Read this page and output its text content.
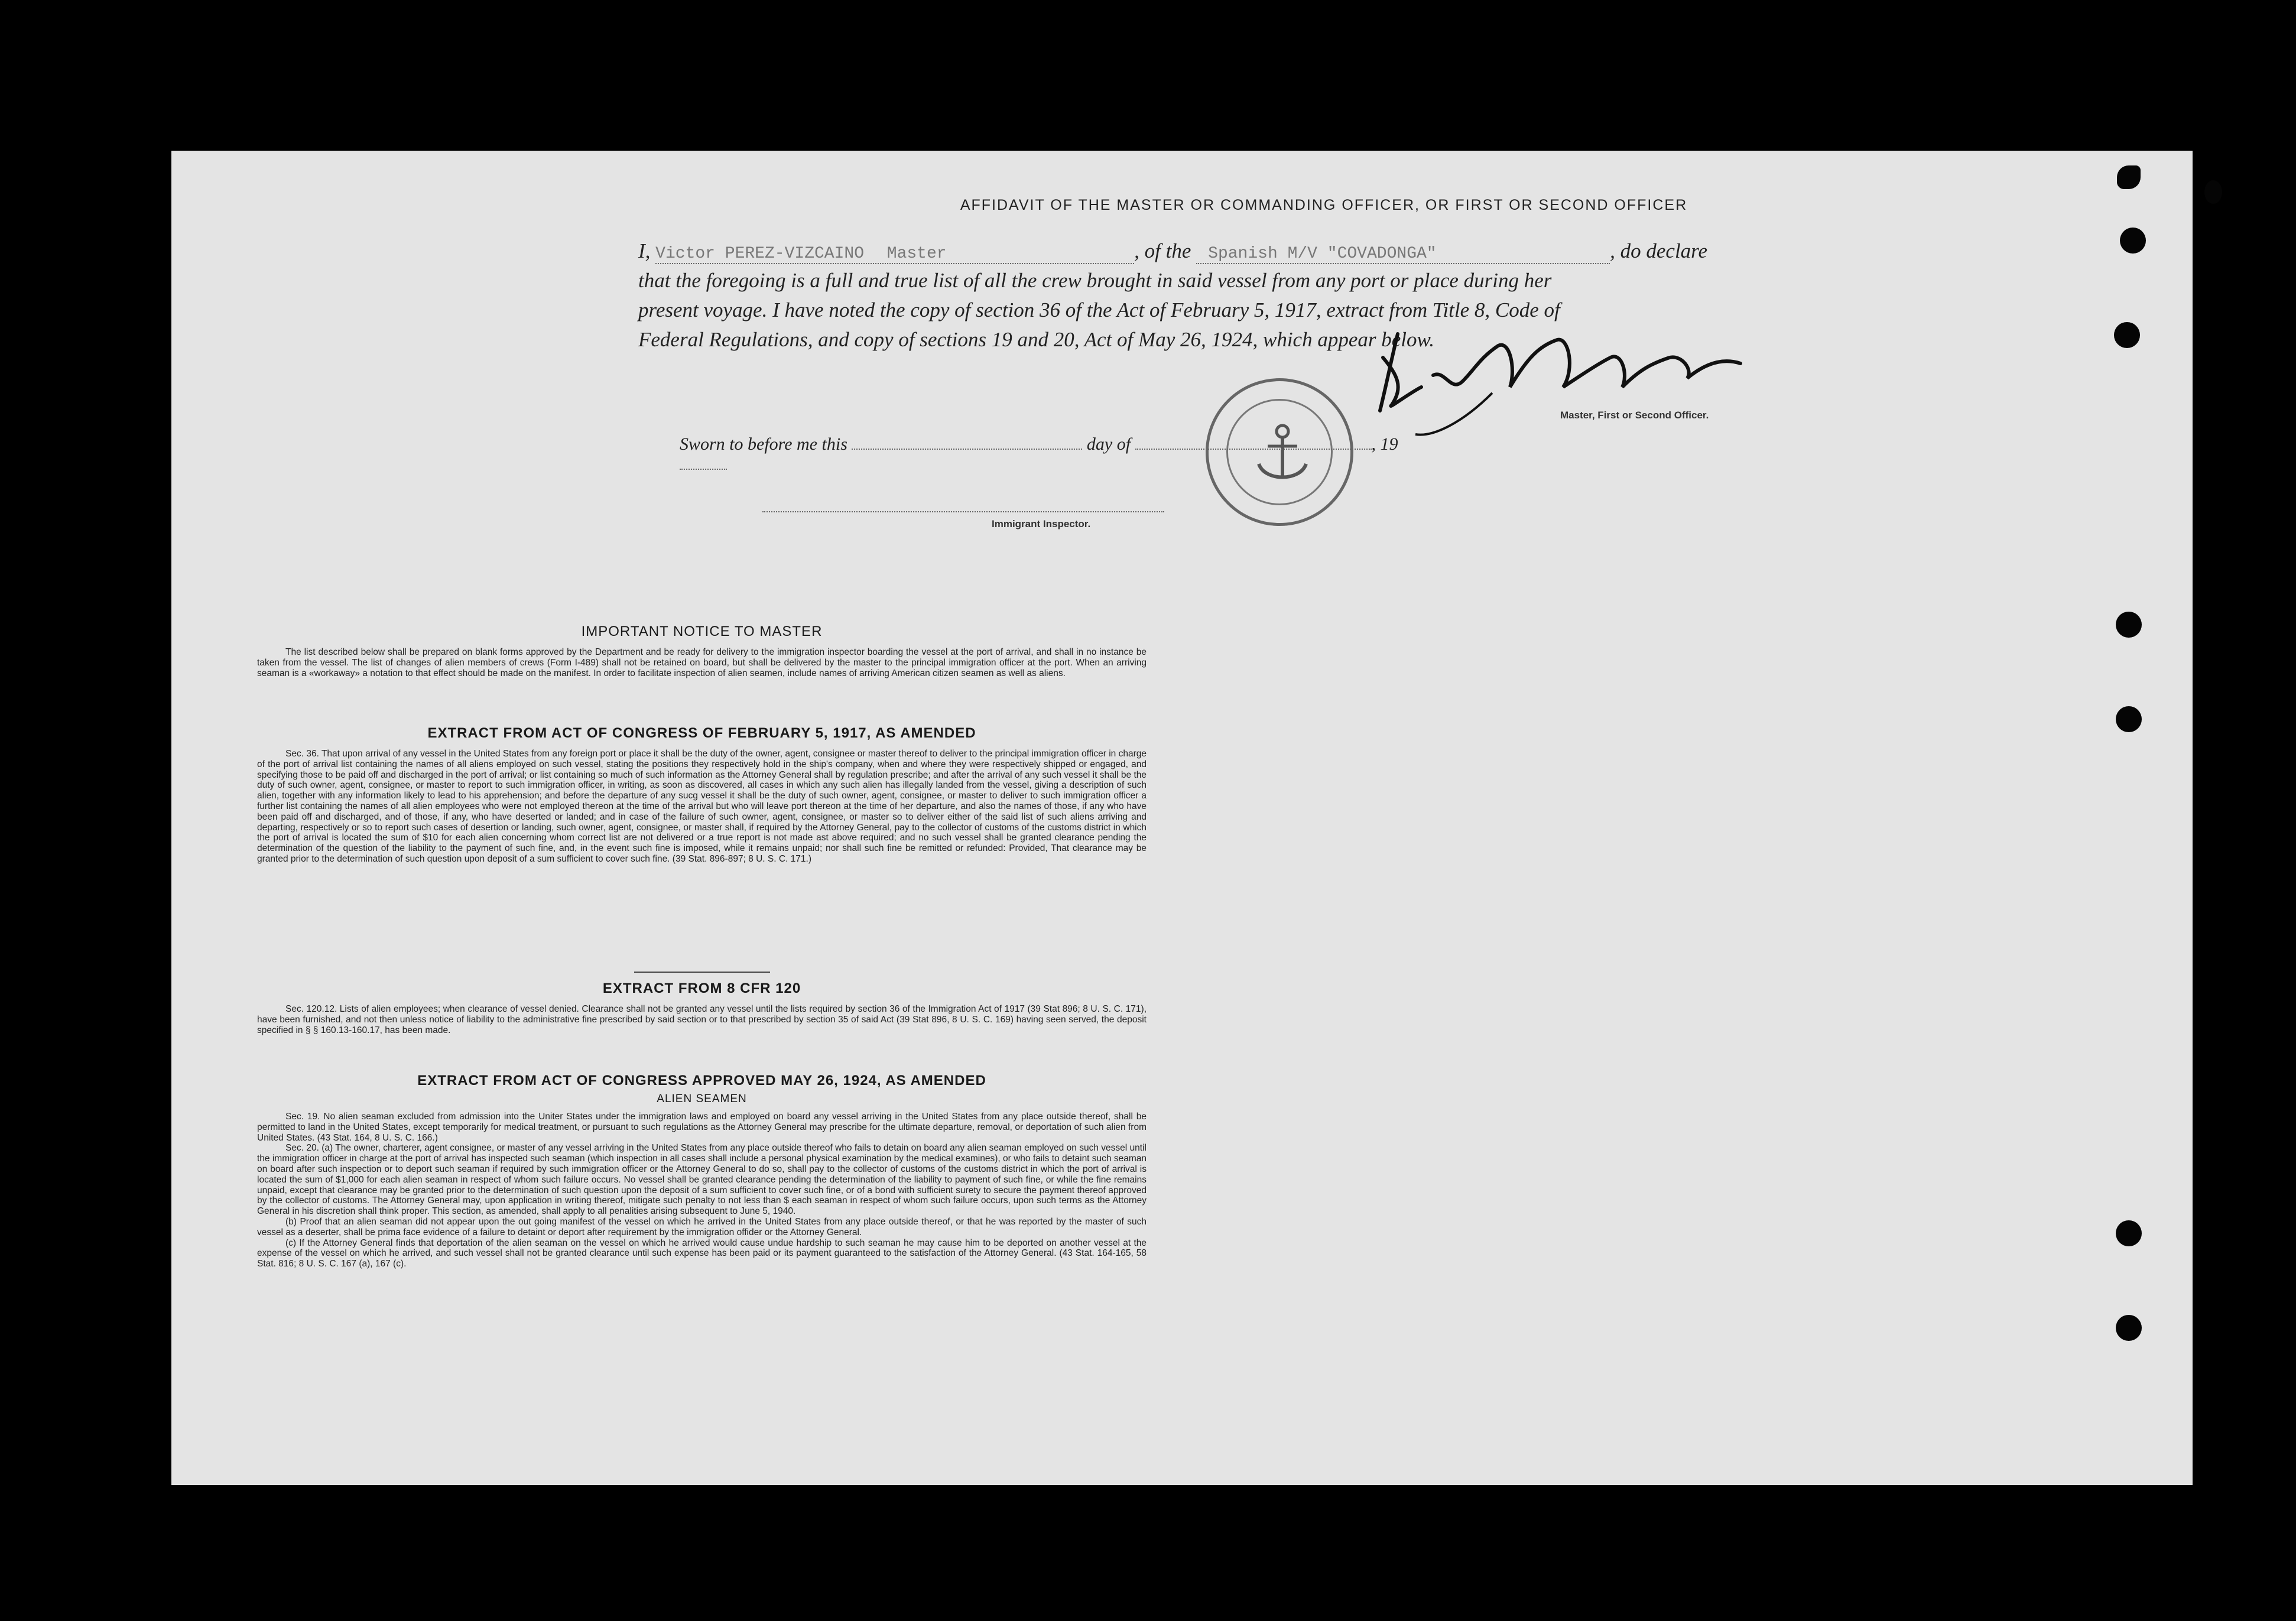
AFFIDAVIT OF THE MASTER OR COMMANDING OFFICER, OR FIRST OR SECOND OFFICER
I, Victor PEREZ-VIZCAINO Master	, of the Spanish M/V "COVADONGA"	, do declare
that the foregoing is a full and true list of all the crew brought in said vessel from any port or place during her
present voyage. I have noted the copy of section 36 of the Act of February 5, 1917, extract from Title 8, Code of
Federal Regulations, and copy of sections 19 and 20, Act of May 26, 1924, which appear below.
Master, First or Second Officer.
Sworn to before me this	day of	, 19
Immigrant Inspector.
IMPORTANT NOTICE TO MASTER

The list described below shall be prepared on blank forms approved by the Department and be ready for delivery to the immigration inspector boarding the vessel at the port of arrival, and shall in no instance be taken from the vessel. The list of changes of alien members of crews (Form I-489) shall not be retained on board, but shall be delivered by the master to the principal immigration officer at the port. When an arriving seaman is a «workaway» a notation to that effect should be made on the manifest. In order to facilitate inspection of alien seamen, include names of arriving American citizen seamen as well as aliens.

EXTRACT FROM ACT OF CONGRESS OF FEBRUARY 5, 1917, AS AMENDED

Sec. 36. That upon arrival of any vessel in the United States from any foreign port or place it shall be the duty of the owner, agent, consignee or master thereof to deliver to the principal immigration officer in charge of the port of arrival list containing the names of all aliens employed on such vessel, stating the positions they respectively hold in the ship's company, when and where they were respectively shipped or engaged, and specifying those to be paid off and discharged in the port of arrival; or list containing so much of such information as the Attorney General shall by regulation prescribe; and after the arrival of any such vessel it shall be the duty of such owner, agent, consignee, or master to report to such immigration officer, in writing, as soon as discovered, all cases in which any such alien has illegally landed from the vessel, giving a description of such alien, together with any information likely to lead to his apprehension; and before the departure of any sucg vessel it shall be the duty of such owner, agent, consignee, or master to deliver to such immigration officer a further list containing the names of all alien employees who were not employed thereon at the time of the arrival but who will leave port thereon at the time of her departure, and also the names of those, if any who have been paid off and discharged, and of those, if any, who have deserted or landed; and in case of the failure of such owner, agent, consignee, or master so to deliver either of the said list of such aliens arriving and departing, respectively or so to report such cases of desertion or landing, such owner, agent, consignee, or master shall, if required by the Attorney General, pay to the collector of customs of the customs district in which the port of arrival is located the sum of $10 for each alien concerning whom correct list are not delivered or a true report is not made ast above required; and no such vessel shall be granted clearance pending the determination of the question of the liability to the payment of such fine, and, in the event such fine is imposed, while it remains unpaid; nor shall such fine be remitted or refunded: Provided, That clearance may be granted prior to the determination of such question upon deposit of a sum sufficient to cover such fine. (39 Stat. 896-897; 8 U. S. C. 171.)

EXTRACT FROM 8 CFR 120

Sec. 120.12. Lists of alien employees; when clearance of vessel denied. Clearance shall not be granted any vessel until the lists required by section 36 of the Immigration Act of 1917 (39 Stat 896; 8 U. S. C. 171), have been furnished, and not then unless notice of liability to the administrative fine prescribed by said section or to that prescribed by section 35 of said Act (39 Stat 896, 8 U. S. C. 169) having seen served, the deposit specified in § § 160.13-160.17, has been made.

EXTRACT FROM ACT OF CONGRESS APPROVED MAY 26, 1924, AS AMENDED
ALIEN SEAMEN

Sec. 19. No alien seaman excluded from admission into the Uniter States under the immigration laws and employed on board any vessel arriving in the United States from any place outside thereof, shall be permitted to land in the United States, except temporarily for medical treatment, or pursuant to such regulations as the Attorney General may prescribe for the ultimate departure, removal, or deportation of such alien from United States. (43 Stat. 164, 8 U. S. C. 166.)

Sec. 20. (a) The owner, charterer, agent consignee, or master of any vessel arriving in the United States from any place outside thereof who fails to detain on board any alien seaman employed on such vessel until the immigration officer in charge at the port of arrival has inspected such seaman (which inspection in all cases shall include a personal physical examination by the medical examines), or who fails to detaint such seaman on board after such inspection or to deport such seaman if required by such immigration officer or the Attorney General to do so, shall pay to the collector of customs of the customs district in which the port of arrival is located the sum of $1,000 for each alien seaman in respect of whom such failure occurs. No vessel shall be granted clearance pending the determination of the liability to payment of such fine, or while the fine remains unpaid, except that clearance may be granted prior to the determination of such question upon the deposit of a sum sufficient to cover such fine, or of a bond with sufficient surety to secure the payment thereof approved by the collector of customs. The Attorney General may, upon application in writing thereof, mitigate such penalty to not less than $ each seaman in respect of whom such failure occurs, upon such terms as the Attorney General in his discretion shall think proper. This section, as amended, shall apply to all penalities arising subsequent to June 5, 1940.

(b) Proof that an alien seaman did not appear upon the out going manifest of the vessel on which he arrived in the United States from any place outside thereof, or that he was reported by the master of such vessel as a deserter, shall be prima face evidence of a failure to detaint or deport after requirement by the immigration offider or the Attorney General.

(c) If the Attorney General finds that deportation of the alien seaman on the vessel on which he arrived would cause undue hardship to such seaman he may cause him to be deported on another vessel at the expense of the vessel on which he arrived, and such vessel shall not be granted clearance until such expense has been paid or its payment guaranteed to the satisfaction of the Attorney General. (43 Stat. 164-165, 58 Stat. 816; 8 U. S. C. 167 (a), 167 (c).
